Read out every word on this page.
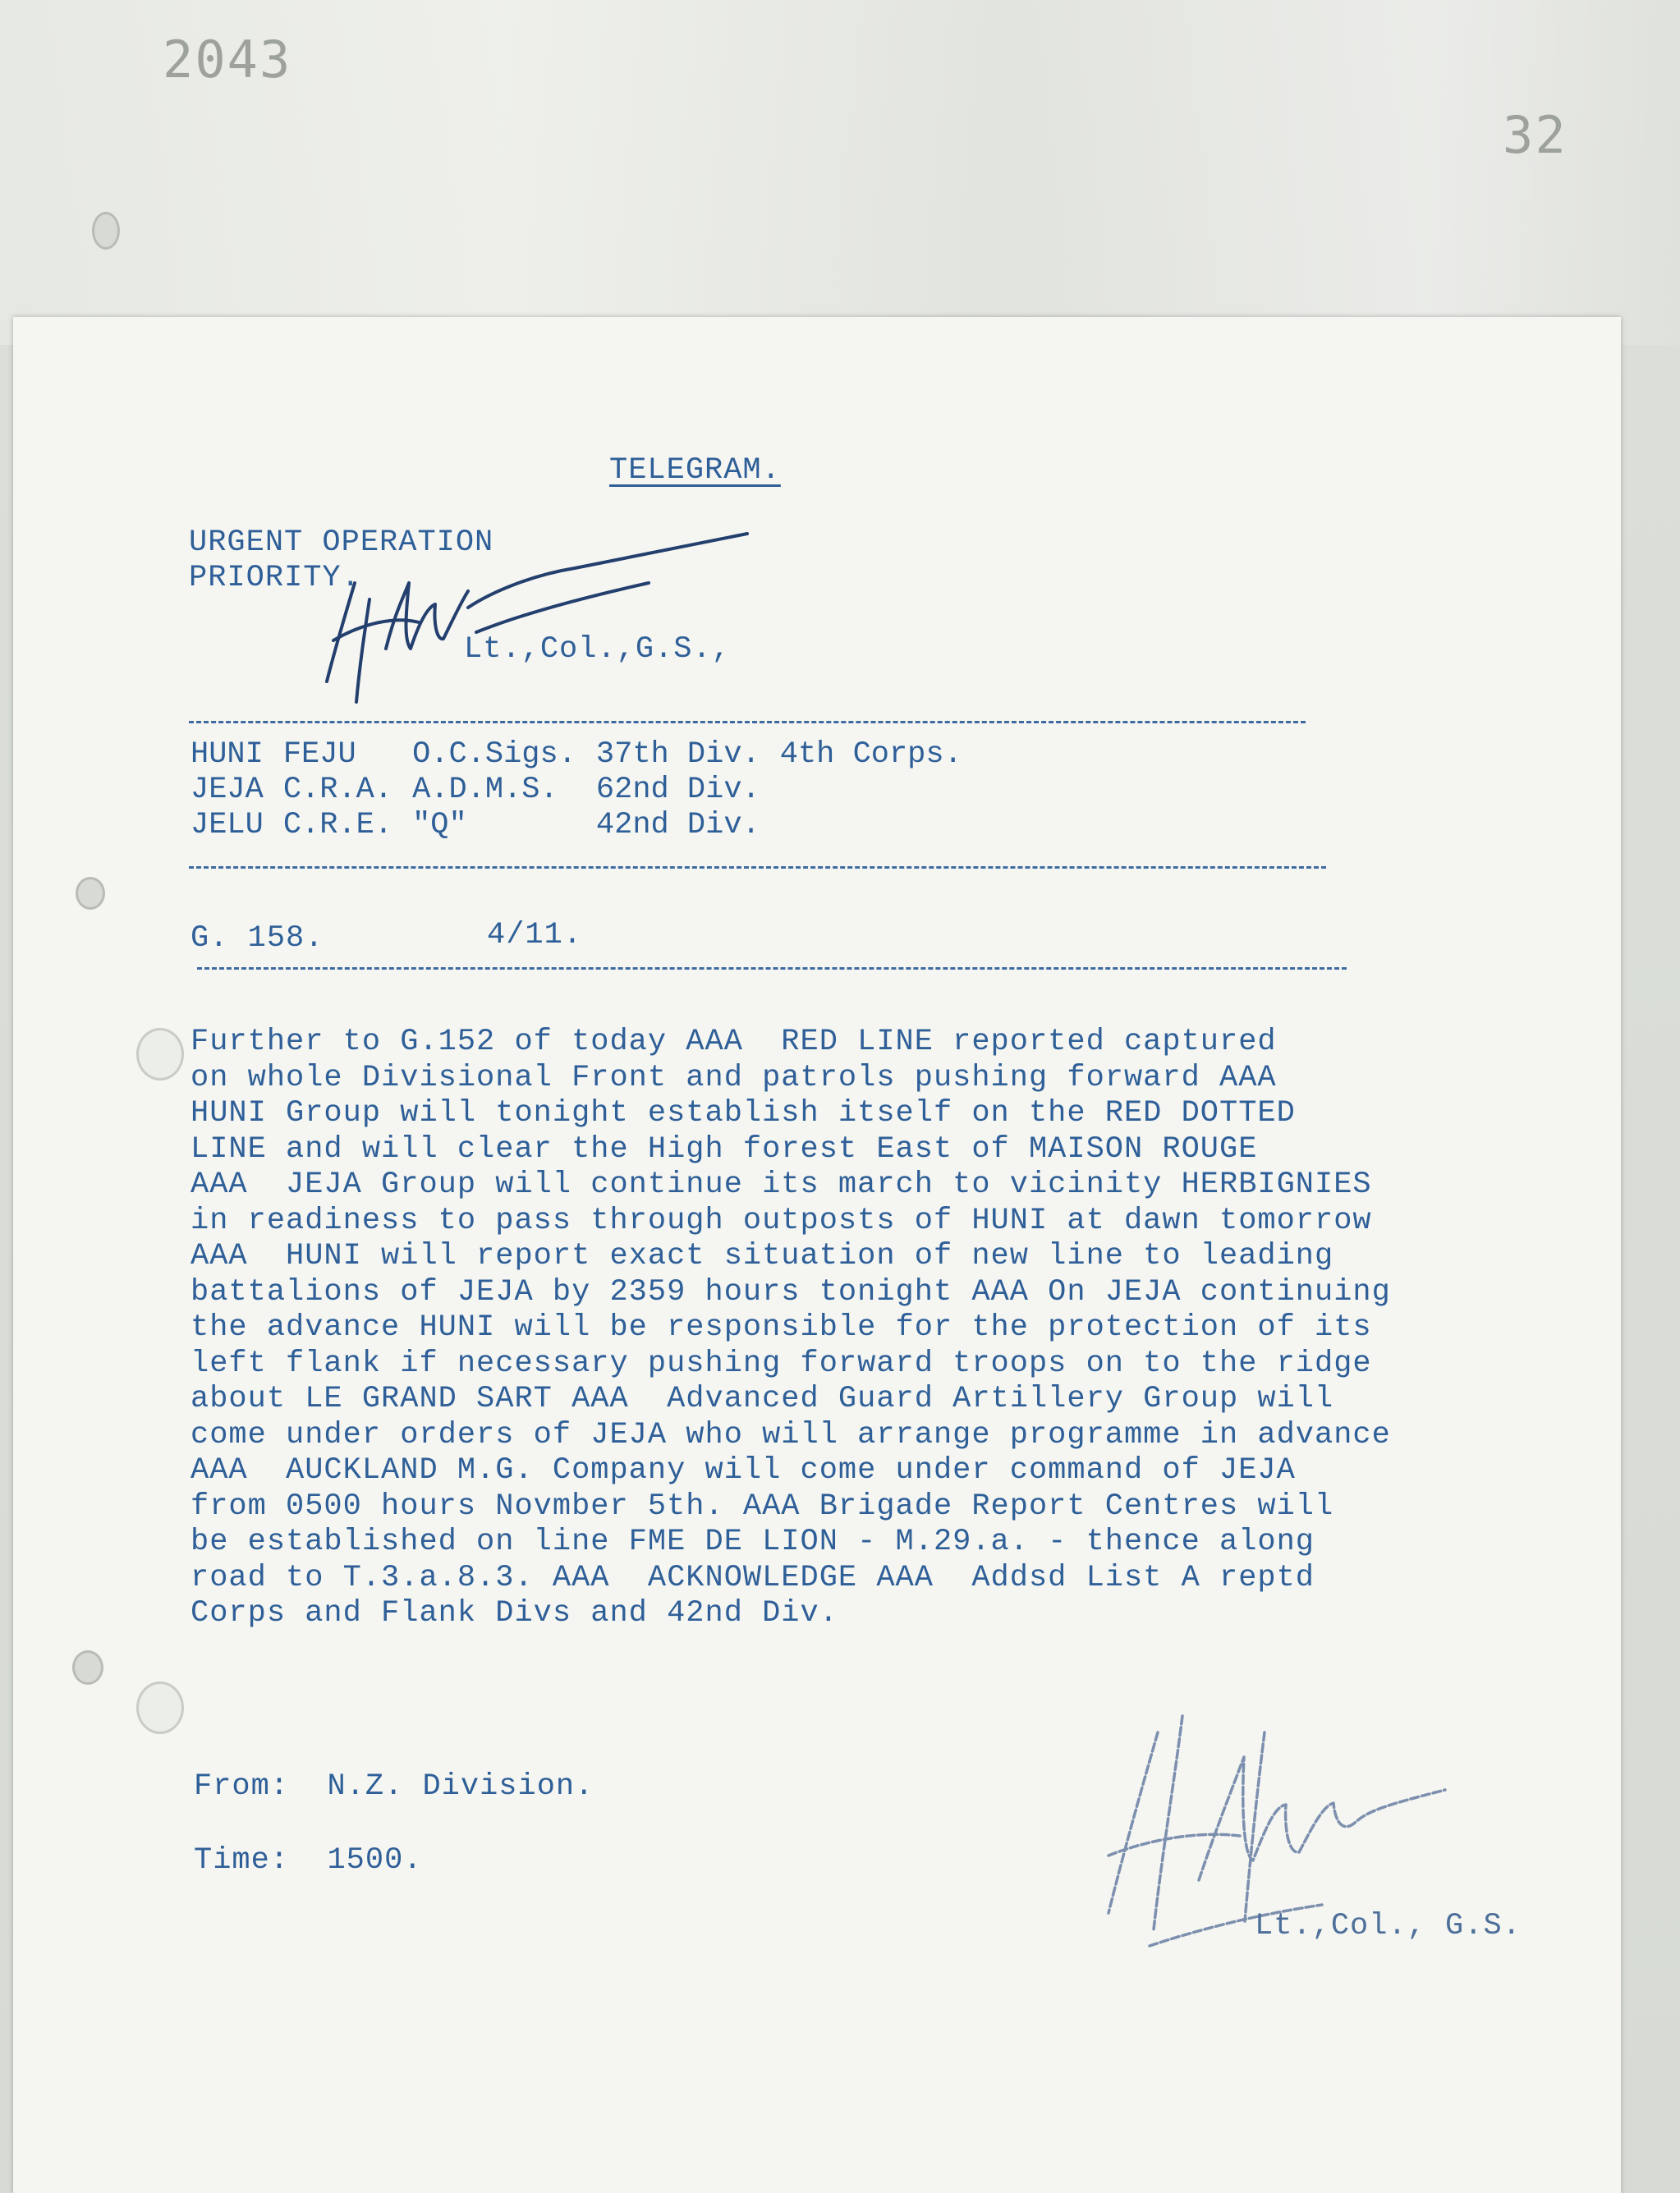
2043
32
TELEGRAM.
URGENT OPERATION
PRIORITY.
Lt.,Col.,G.S.,
HUNI	FEJU	O.C.Sigs.	37th Div.	4th Corps.
JEJA	C.R.A.	A.D.M.S.	62nd Div.	
JELU	C.R.E.	"Q"	42nd Div.	
G. 158.	4/11.
Further to G.152 of today AAA  RED LINE reported captured
on whole Divisional Front and patrols pushing forward AAA
HUNI Group will tonight establish itself on the RED DOTTED
LINE and will clear the High forest East of MAISON ROUGE
AAA  JEJA Group will continue its march to vicinity HERBIGNIES
in readiness to pass through outposts of HUNI at dawn tomorrow
AAA  HUNI will report exact situation of new line to leading
battalions of JEJA by 2359 hours tonight AAA On JEJA continuing
the advance HUNI will be responsible for the protection of its
left flank if necessary pushing forward troops on to the ridge
about LE GRAND SART AAA  Advanced Guard Artillery Group will
come under orders of JEJA who will arrange programme in advance
AAA  AUCKLAND M.G. Company will come under command of JEJA
from 0500 hours Novmber 5th. AAA Brigade Report Centres will
be established on line FME DE LION - M.29.a. - thence along
road to T.3.a.8.3. AAA  ACKNOWLEDGE AAA  Addsd List A reptd
Corps and Flank Divs and 42nd Div.
From: N.Z. Division.
Time: 1500.
Lt.,Col., G.S.
